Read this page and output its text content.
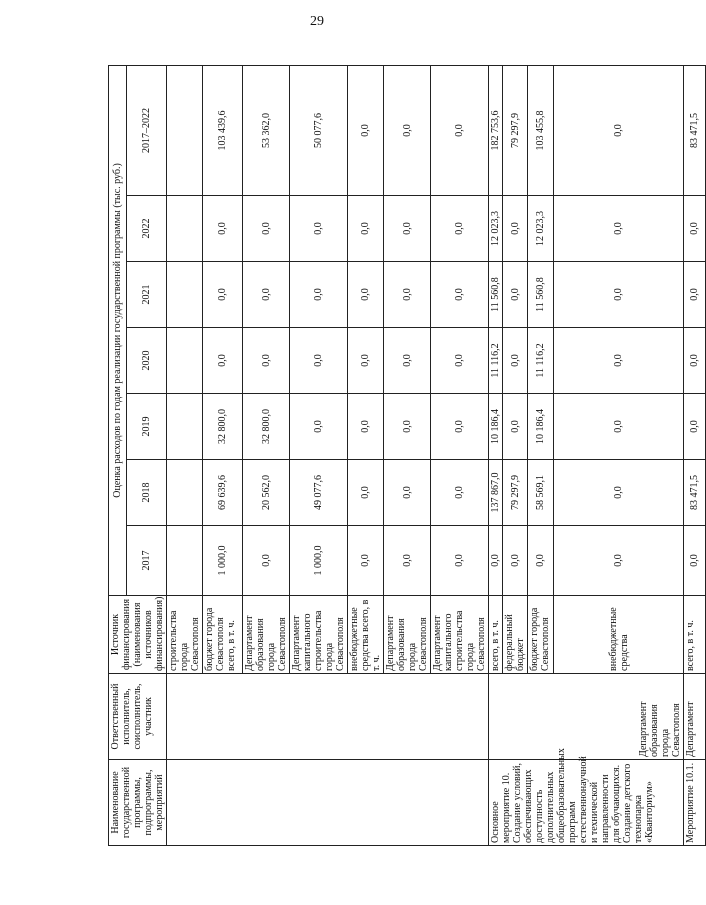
29
Наименование государственной программы, подпрограммы, мероприятий	Ответственный исполнитель, соисполнитель, участник	Источник финансирования (наименования источников финансирования)	Оценка расходов по годам реализации государственной программы (тыс. руб.)						
			2017	2018	2019	2020	2021	2022	2017–2022
		строительства города Севастополя							
		бюджет города Севастополя всего, в т. ч.	1 000,0	69 639,6	32 800,0	0,0	0,0	0,0	103 439,6
		Департамент образования города Севастополя	0,0	20 562,0	32 800,0	0,0	0,0	0,0	53 362,0
		Департамент капитального строительства города Севастополя	1 000,0	49 077,6	0,0	0,0	0,0	0,0	50 077,6
		внебюджетные средства всего, в т. ч.	0,0	0,0	0,0	0,0	0,0	0,0	0,0
		Департамент образования города Севастополя	0,0	0,0	0,0	0,0	0,0	0,0	0,0
		Департамент капитального строительства города Севастополя	0,0	0,0	0,0	0,0	0,0	0,0	0,0
Основное мероприятие 10. Создание условий, обеспечивающих доступность дополнительных общеобразовательных программ естественнонаучной и технической направленности для обучающихся. Создание детского технопарка «Кванториум»	Департамент образования города Севастополя	всего, в т. ч.	0,0	137 867,0	10 186,4	11 116,2	11 560,8	12 023,3	182 753,6
		федеральный бюджет	0,0	79 297,9	0,0	0,0	0,0	0,0	79 297,9
		бюджет города Севастополя	0,0	58 569,1	10 186,4	11 116,2	11 560,8	12 023,3	103 455,8
		внебюджетные средства	0,0	0,0	0,0	0,0	0,0	0,0	0,0
Мероприятие 10.1.	Департамент	всего, в т. ч.	0,0	83 471,5	0,0	0,0	0,0	0,0	83 471,5
